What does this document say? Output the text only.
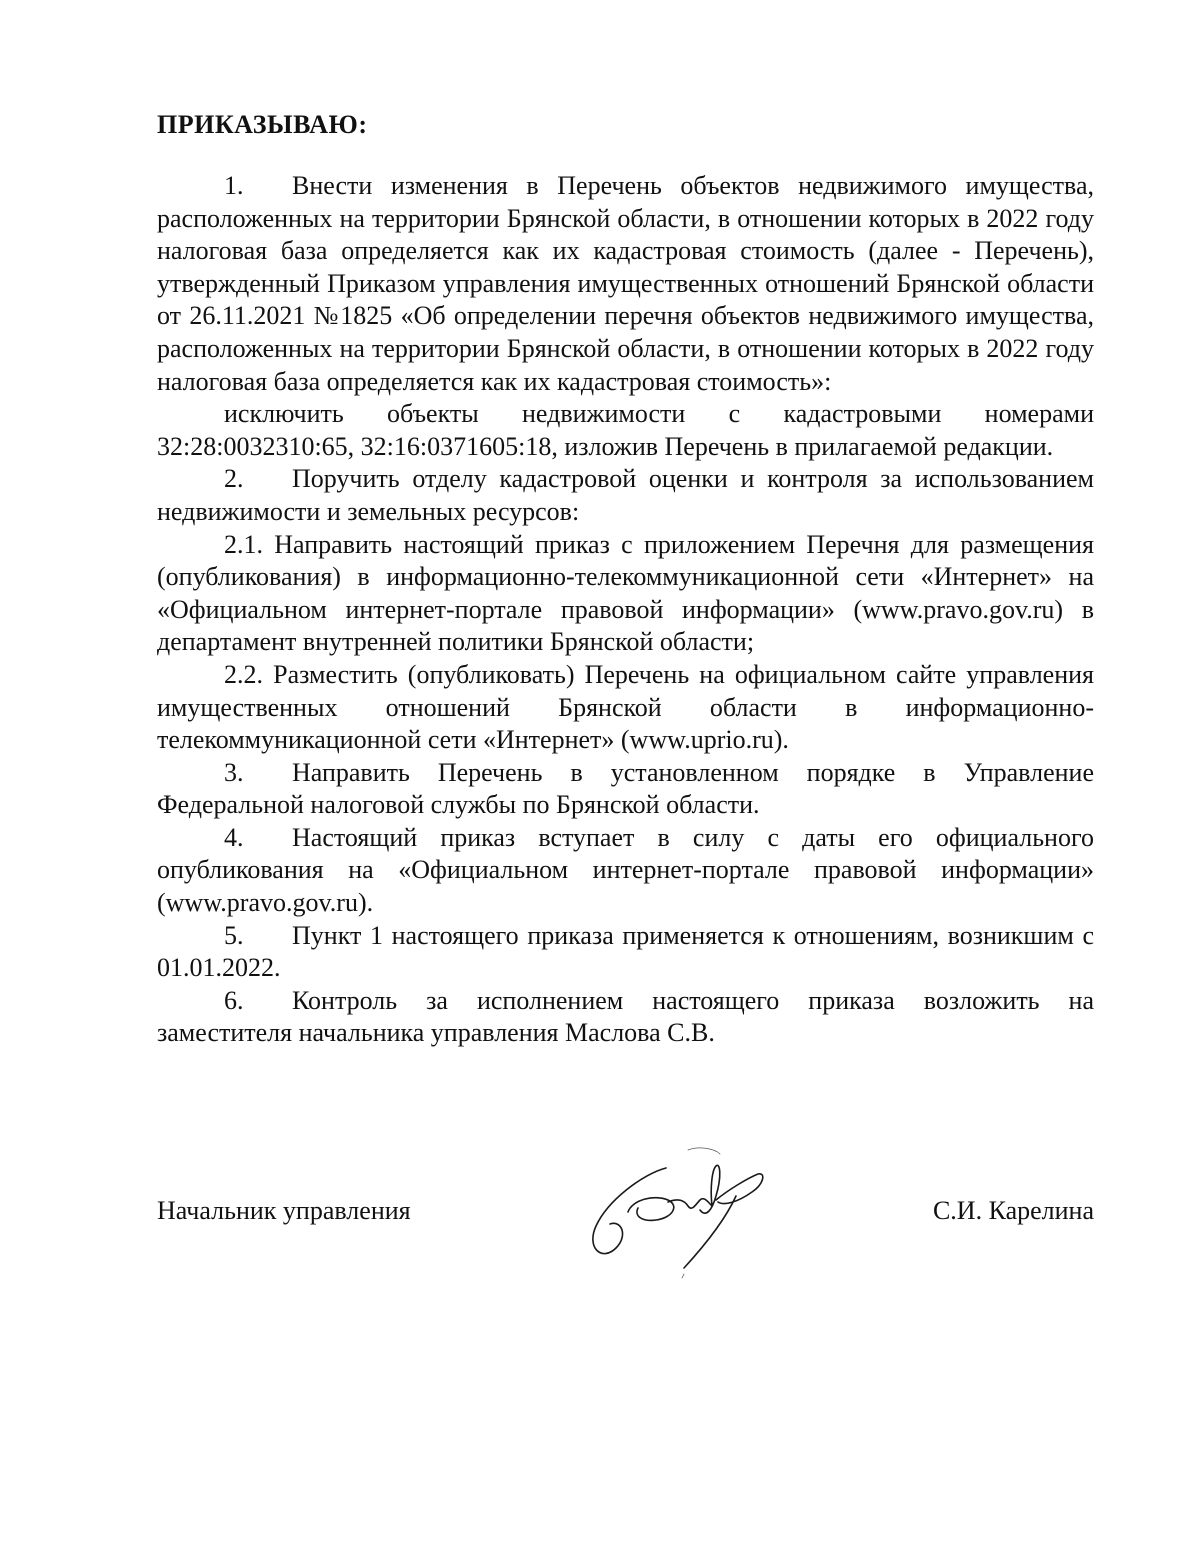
ПРИКАЗЫВАЮ:

1. Внести изменения в Перечень объектов недвижимого имущества, расположенных на территории Брянской области, в отношении которых в 2022 году налоговая база определяется как их кадастровая стоимость (далее - Перечень), утвержденный Приказом управления имущественных отношений Брянской области от 26.11.2021 №1825 «Об определении перечня объектов недвижимого имущества, расположенных на территории Брянской области, в отношении которых в 2022 году налоговая база определяется как их кадастровая стоимость»:

исключить объекты недвижимости с кадастровыми номерами 32:28:0032310:65, 32:16:0371605:18, изложив Перечень в прилагаемой редакции.

2. Поручить отделу кадастровой оценки и контроля за использованием недвижимости и земельных ресурсов:

2.1. Направить настоящий приказ с приложением Перечня для размещения (опубликования) в информационно-телекоммуникационной сети «Интернет» на «Официальном интернет-портале правовой информации» (www.pravo.gov.ru) в департамент внутренней политики Брянской области;

2.2. Разместить (опубликовать) Перечень на официальном сайте управления имущественных отношений Брянской области в информационно-телекоммуникационной сети «Интернет» (www.uprio.ru).

3. Направить Перечень в установленном порядке в Управление Федеральной налоговой службы по Брянской области.

4. Настоящий приказ вступает в силу с даты его официального опубликования на «Официальном интернет-портале правовой информации» (www.pravo.gov.ru).

5. Пункт 1 настоящего приказа применяется к отношениям, возникшим с 01.01.2022.

6. Контроль за исполнением настоящего приказа возложить на заместителя начальника управления Маслова С.В.

Начальник управления	С.И. Карелина
